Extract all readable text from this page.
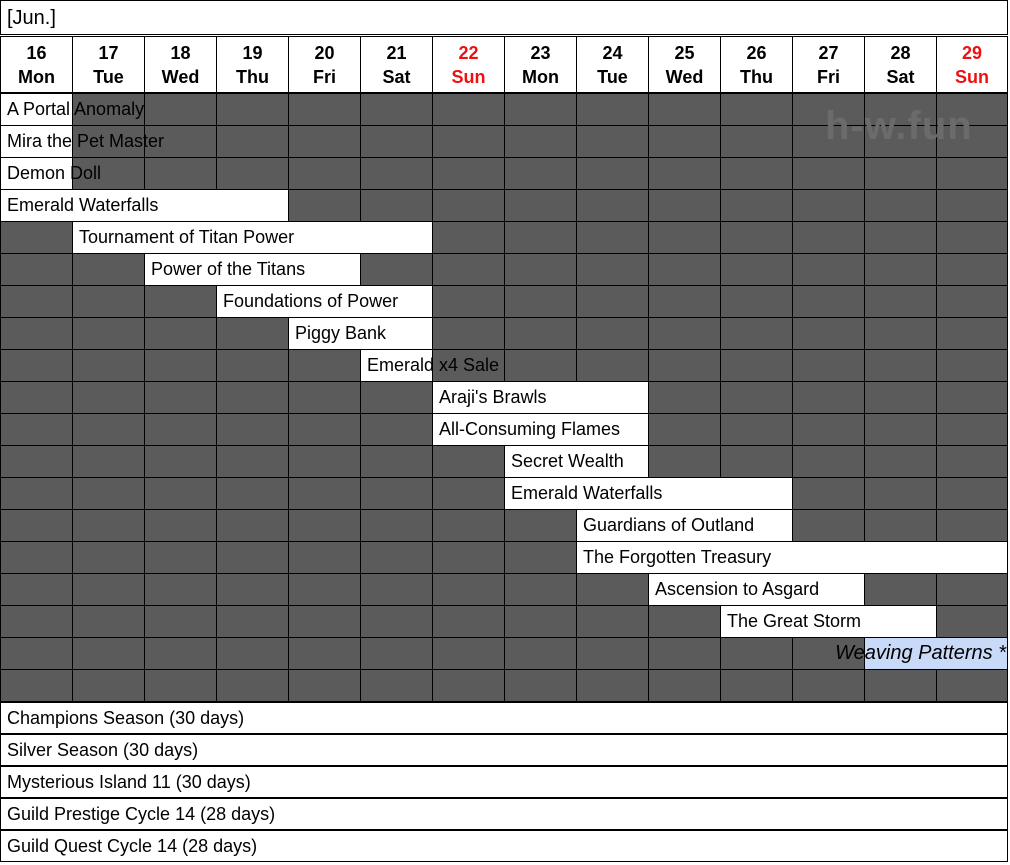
[Jun.]
16
Mon
17
Tue
18
Wed
19
Thu
20
Fri
21
Sat
22
Sun
23
Mon
24
Tue
25
Wed
26
Thu
27
Fri
28
Sat
29
Sun
A Portal Anomaly
Mira the Pet Master
Demon Doll
Emerald Waterfalls
Tournament of Titan Power
Power of the Titans
Foundations of Power
Piggy Bank
Emerald x4 Sale
Araji's Brawls
All-Consuming Flames
Secret Wealth
Emerald Waterfalls
Guardians of Outland
The Forgotten Treasury
Ascension to Asgard
The Great Storm
Weaving Patterns *
h-w.fun
Champions Season (30 days)
Silver Season (30 days)
Mysterious Island 11 (30 days)
Guild Prestige Cycle 14 (28 days)
Guild Quest Cycle 14 (28 days)
